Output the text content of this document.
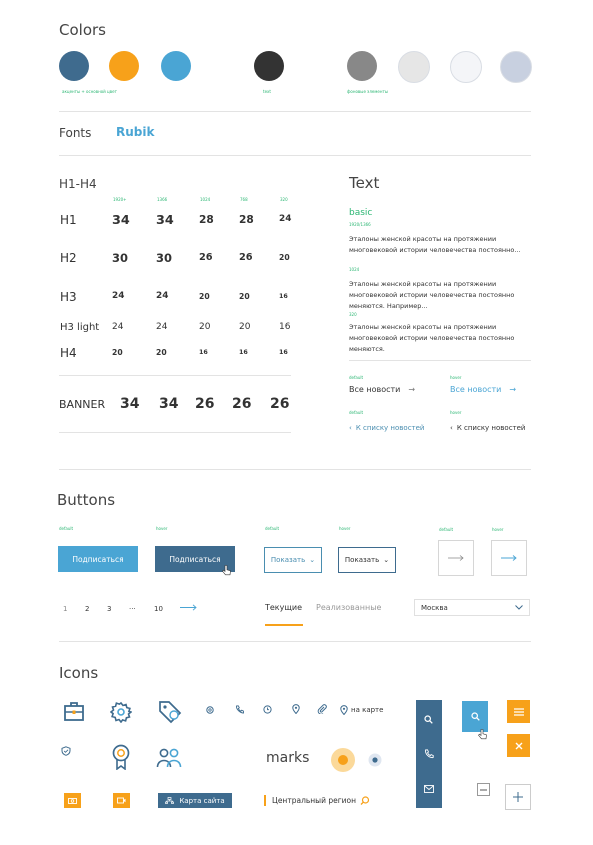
Colors
акценты + основной цвет	text	фоновые элементы
Fonts Rubik
H1-H4
1920+	1366	1024	768	320
H1	34 34 28 28	24
H2	30 30	26	26	20
H3	24	24	20	20	16
H3 light 24	24	20	20	16
H4	20	20	16	16	16
BANNER 34 34 26 26 26
Text
basic
1920/1366
Эталоны женской красоты на протяжении многовековой истории человечества постоянно...
1024
Эталоны женской красоты на протяжении многовековой истории человечества постоянно меняются. Например...
320
Эталоны женской красоты на протяжении многовековой истории человечества постоянно меняются.
default
Все новости →
hover
Все новости →
default
‹ К списку новостей
hover
‹ К списку новостей
Buttons
default
Подписаться
hover
Подписаться
default
Показать ⌄
hover
Показать ⌄
default	hover
1	2	3	...	10	Текущие Реализованные	Москва
Icons
на карте
marks
Карта сайта	Центральный регион
